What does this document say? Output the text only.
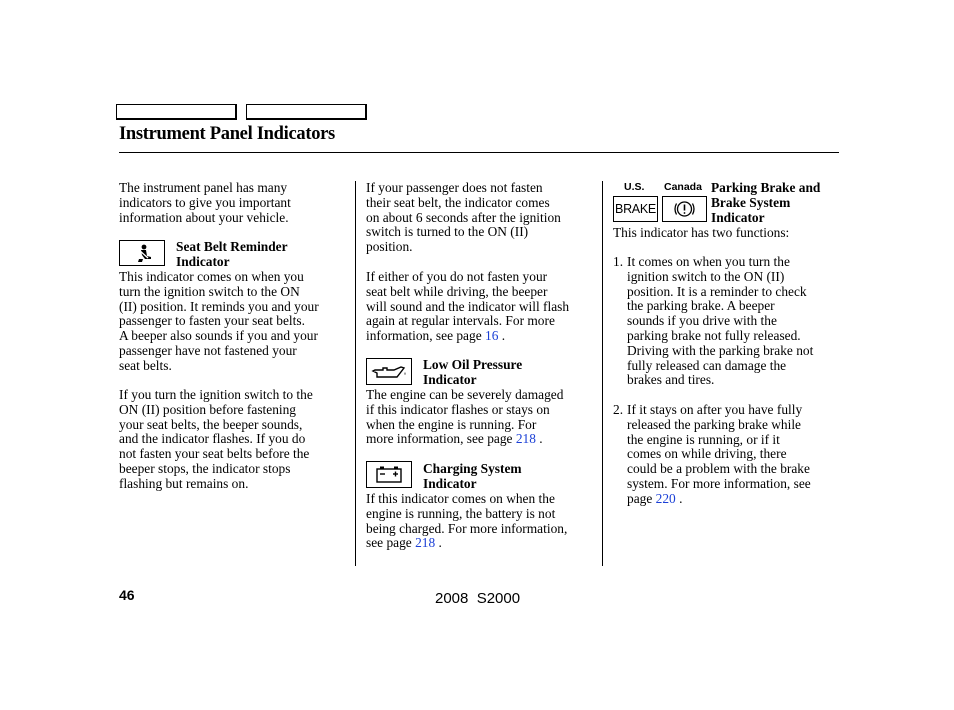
Instrument Panel Indicators
The instrument panel has many
indicators to give you important
information about your vehicle.
Seat Belt Reminder
Indicator
This indicator comes on when you
turn the ignition switch to the ON
(II) position. It reminds you and your
passenger to fasten your seat belts.
A beeper also sounds if you and your
passenger have not fastened your
seat belts.
If you turn the ignition switch to the
ON (II) position before fastening
your seat belts, the beeper sounds,
and the indicator flashes. If you do
not fasten your seat belts before the
beeper stops, the indicator stops
flashing but remains on.
If your passenger does not fasten
their seat belt, the indicator comes
on about 6 seconds after the ignition
switch is turned to the ON (II)
position.
If either of you do not fasten your
seat belt while driving, the beeper
will sound and the indicator will flash
again at regular intervals. For more
information, see page 16 .
Low Oil Pressure
Indicator
The engine can be severely damaged
if this indicator flashes or stays on
when the engine is running. For
more information, see page 218 .
Charging System
Indicator
If this indicator comes on when the
engine is running, the battery is not
being charged. For more information,
see page 218 .
U.S. Canada
BRAKE
Parking Brake and
Brake System
Indicator
This indicator has two functions:
1. It comes on when you turn the
ignition switch to the ON (II)
position. It is a reminder to check
the parking brake. A beeper
sounds if you drive with the
parking brake not fully released.
Driving with the parking brake not
fully released can damage the
brakes and tires.
2. If it stays on after you have fully
released the parking brake while
the engine is running, or if it
comes on while driving, there
could be a problem with the brake
system. For more information, see
page 220 .
46	2008  S2000
